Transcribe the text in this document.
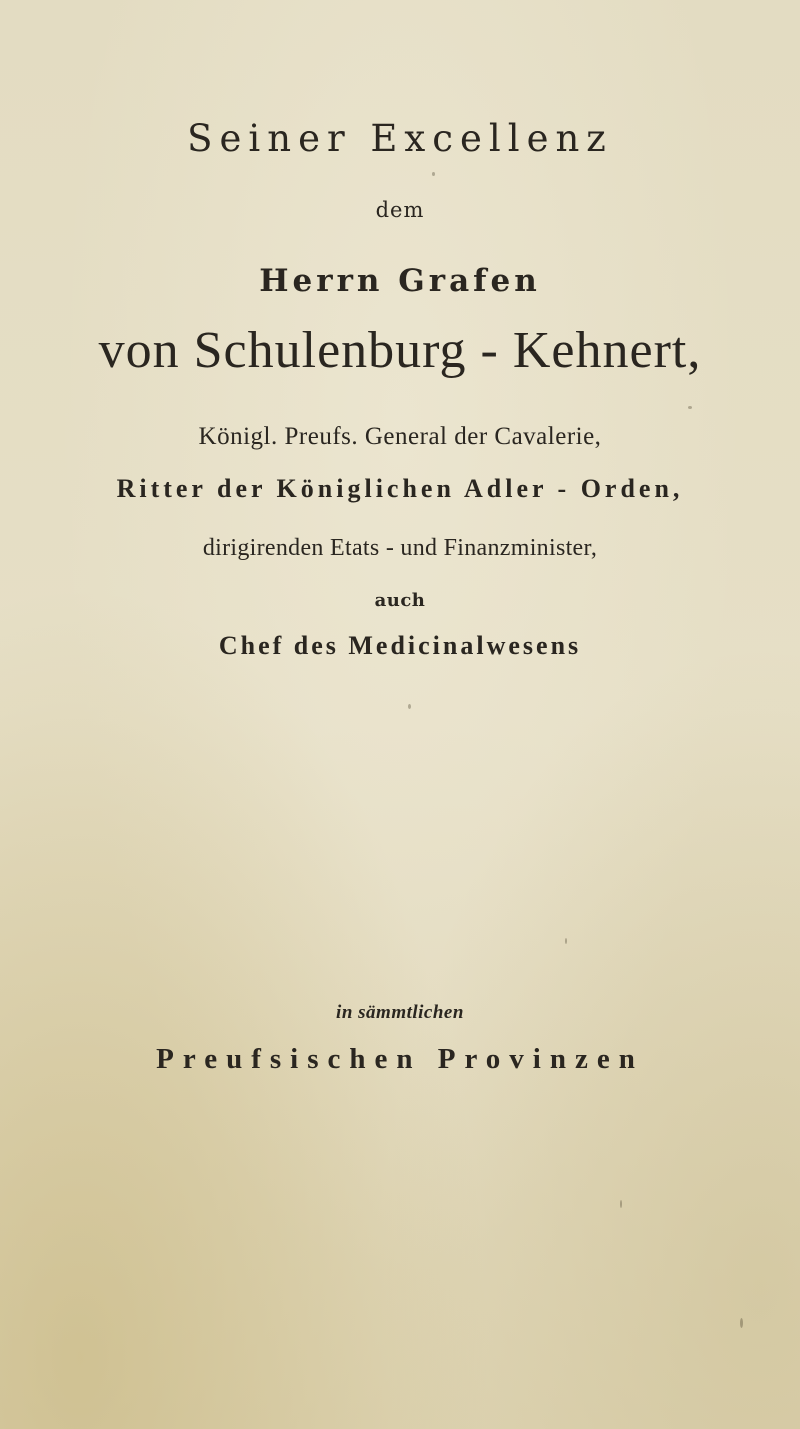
Seiner Excellenz
dem
Herrn Grafen
von Schulenburg - Kehnert,
Königl. Preufs. General der Cavalerie,
Ritter der Königlichen Adler - Orden,
dirigirenden Etats - und Finanzminister,
auch
Chef des Medicinalwesens
in sämmtlichen
Preufsischen Provinzen
